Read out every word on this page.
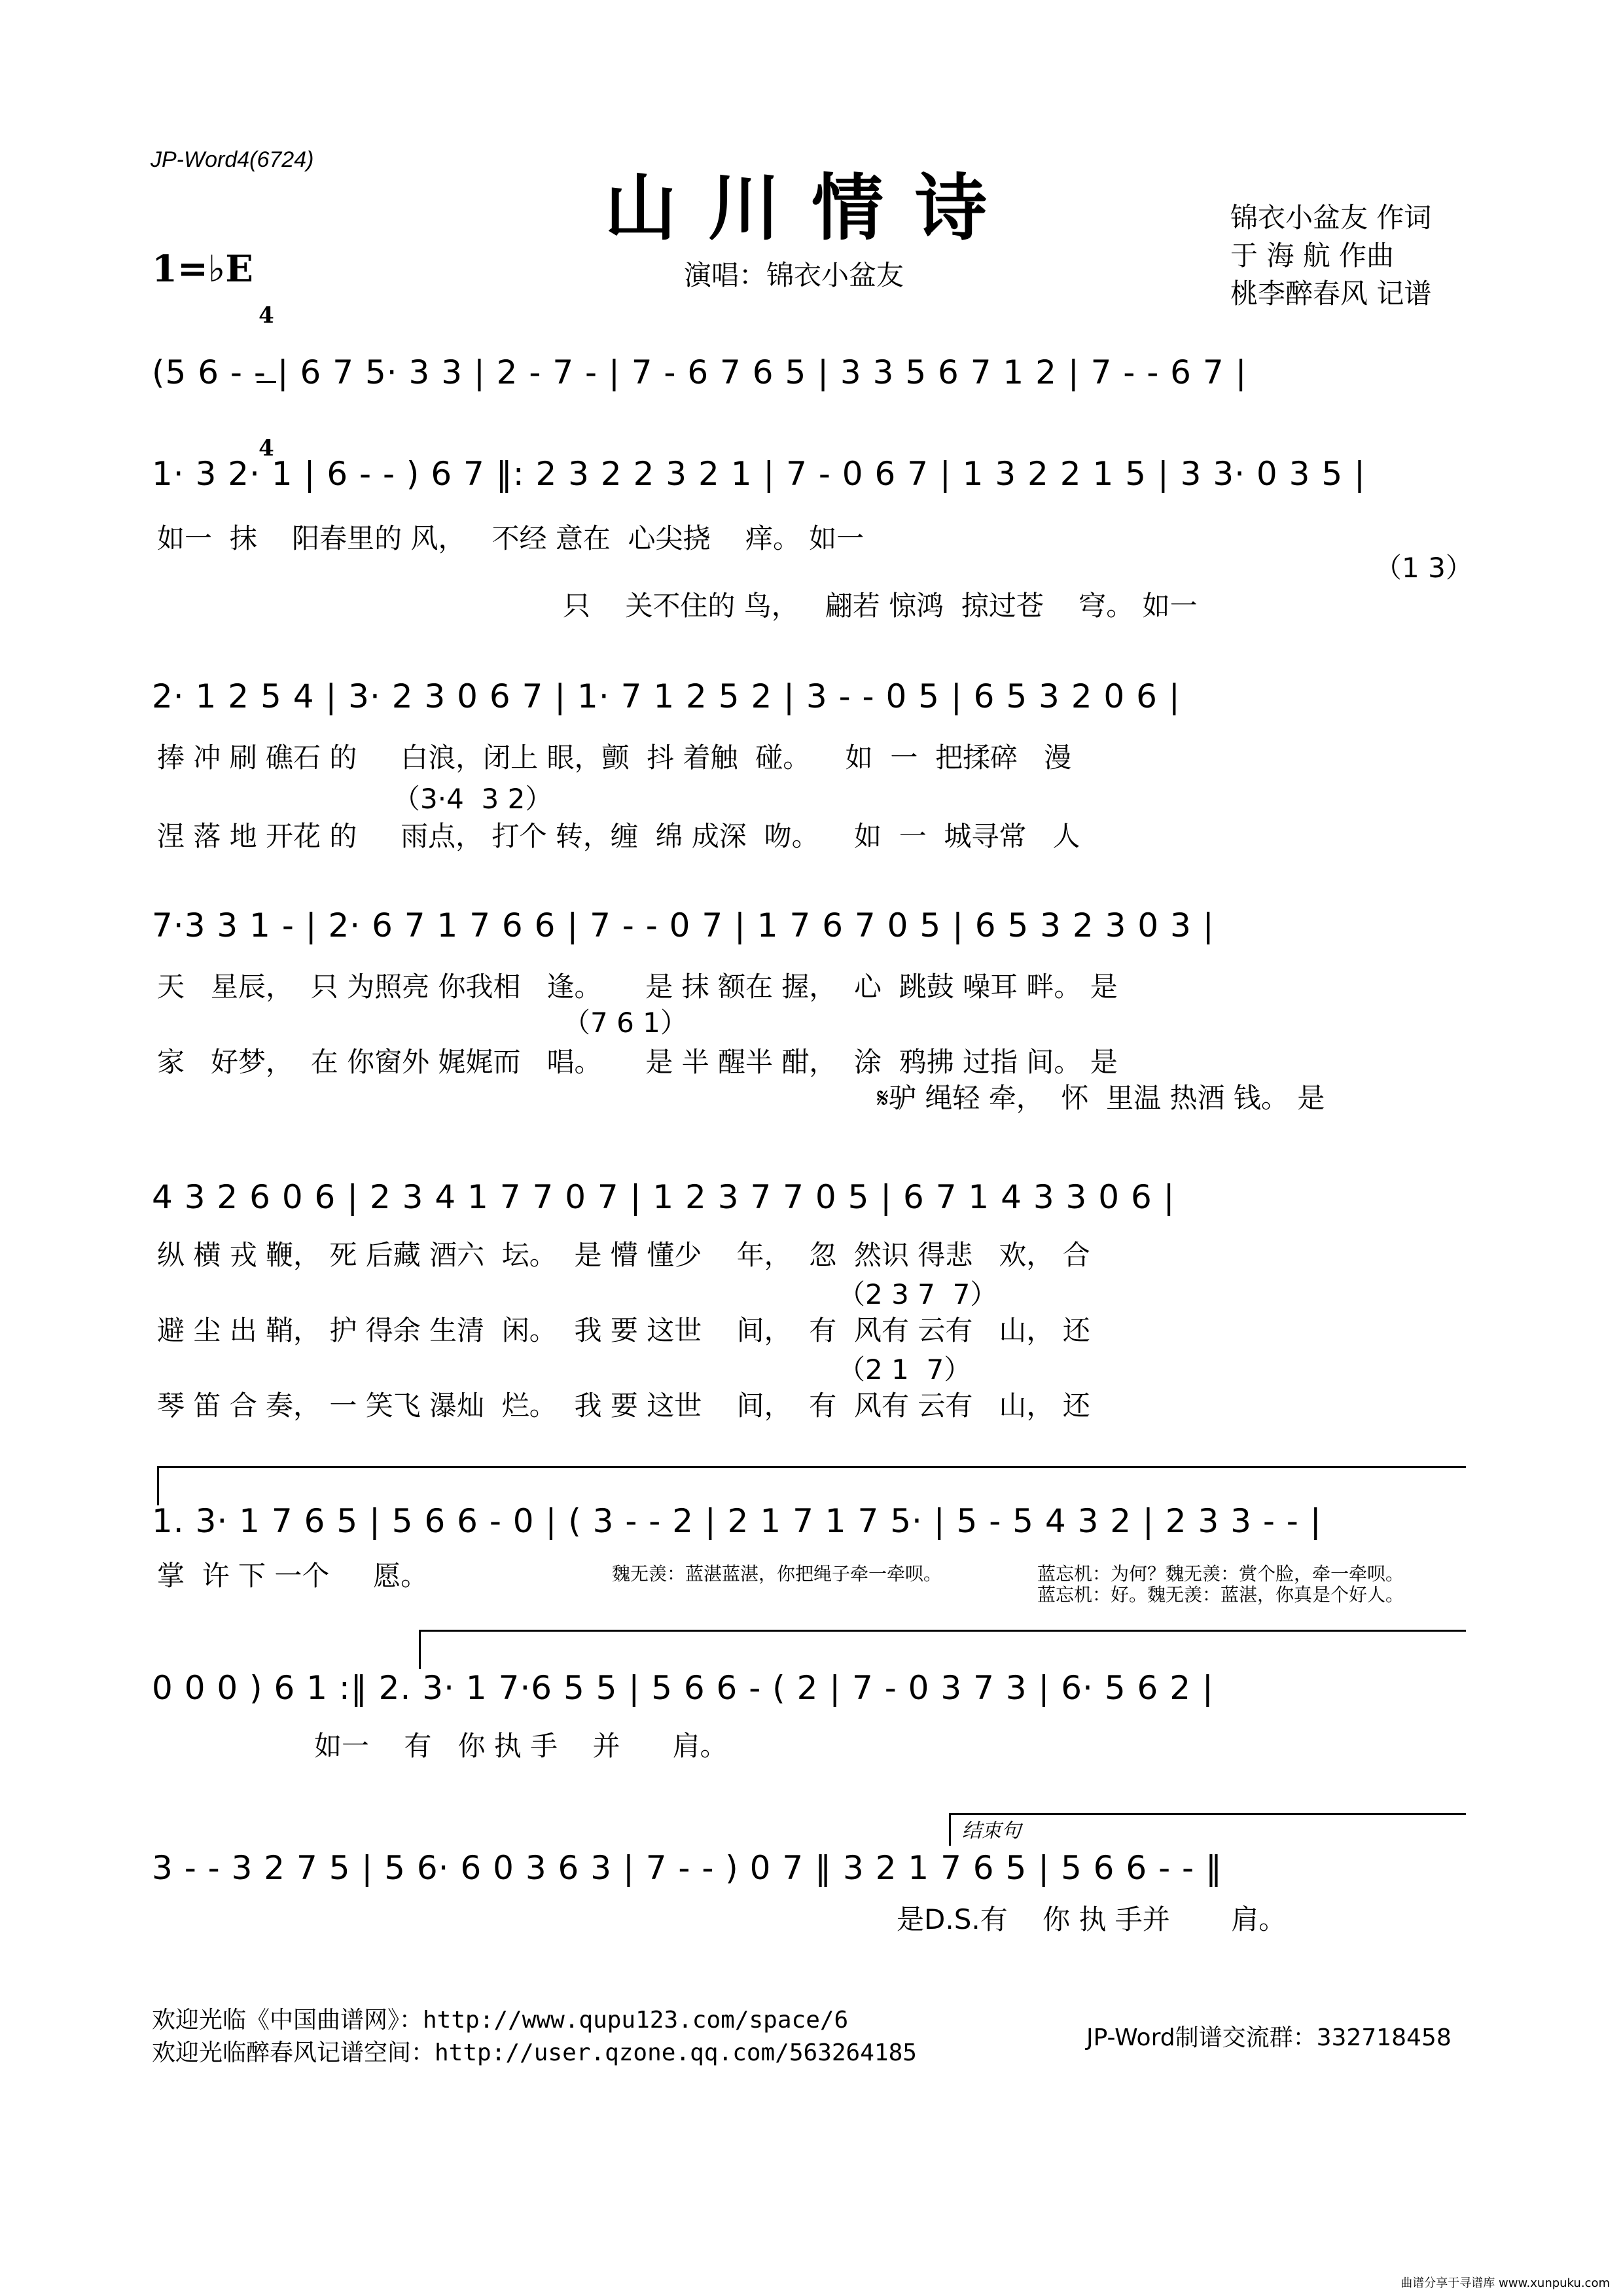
JP-Word4(6724)
山川情诗
1=♭E

4

4

演唱：锦衣小盆友
锦衣小盆友 作词
于 海 航 作曲
桃李醉春风 记谱
(5 6 - - | 6 7 5· 3 3 | 2 - 7 - | 7 - 6 7 6 5 | 3 3 5 6 7 1 2 | 7 - - 6 7 |
1· 3 2· 1 | 6 - - ) 6 7 ‖: 2 3 2 2 3 2 1 | 7 - 0 6 7 | 1 3 2 2 1 5 | 3 3· 0 3 5 |
如一  抹    阳春里的 风，   不经 意在  心尖挠    痒。 如一
（1 3）
只    关不住的 鸟，   翩若 惊鸿  掠过苍    穹。 如一
2· 1 2 5 4 | 3· 2 3 0 6 7 | 1· 7 1 2 5 2 | 3 - - 0 5 | 6 5 3 2 0 6 |
捧 冲 刷 礁石 的     白浪，闭上 眼，颤  抖 着触  碰。    如  一  把揉碎   漫
（3·4  3 2）
涅 落 地 开花 的     雨点， 打个 转，缠  绵 成深  吻。    如  一  城寻常   人
7·3 3 1 - | 2· 6 7 1 7 6 6 | 7 - - 0 7 | 1 7 6 7 0 5 | 6 5 3 2 3 0 3 |
天   星辰，  只 为照亮 你我相   逢。     是 抹 额在 握，  心  跳鼓 噪耳 畔。 是
（7 6 1）
家   好梦，  在 你窗外 娓娓而   唱。     是 半 醒半 酣，  涂  鸦拂 过指 间。 是
𝄋驴 绳轻 牵，  怀  里温 热酒 钱。 是
4 3 2 6 0 6 | 2 3 4 1 7 7 0 7 | 1 2 3 7 7 0 5 | 6 7 1 4 3 3 0 6 |
纵 横 戎 鞭， 死 后藏 酒六  坛。  是 懵 懂少    年，  忽  然识 得悲   欢， 合
（2 3 7  7）
避 尘 出 鞘， 护 得余 生清  闲。  我 要 这世    间，  有  风有 云有   山， 还
（2 1  7）
琴 笛 合 奏， 一 笑飞 瀑灿  烂。  我 要 这世    间，  有  风有 云有   山， 还
1. 3· 1 7 6 5 | 5 6 6 - 0 | ( 3 - - 2 | 2 1 7 1 7 5· | 5 - 5 4 3 2 | 2 3 3 - - |
掌  许 下 一个     愿。	魏无羡：蓝湛蓝湛，你把绳子牵一牵呗。	蓝忘机：为何？魏无羡：赏个脸，牵一牵呗。
蓝忘机：好。魏无羡：蓝湛，你真是个好人。
0 0 0 ) 6 1 :‖ 2. 3· 1 7·6 5 5 | 5 6 6 - ( 2 | 7 - 0 3 7 3 | 6· 5 6 2 |
如一    有   你 执 手    并      肩。
结束句
3 - - 3 2 7 5 | 5 6· 6 0 3 6 3 | 7 - - ) 0 7 ‖ 3 2 1 7 6 5 | 5 6 6 - - ‖
是D.S.有    你 执 手并       肩。
欢迎光临《中国曲谱网》：http://www.qupu123.com/space/6
欢迎光临醉春风记谱空间：http://user.qzone.qq.com/563264185
JP-Word制谱交流群：332718458
曲谱分享于寻谱库 www.xunpuku.com
